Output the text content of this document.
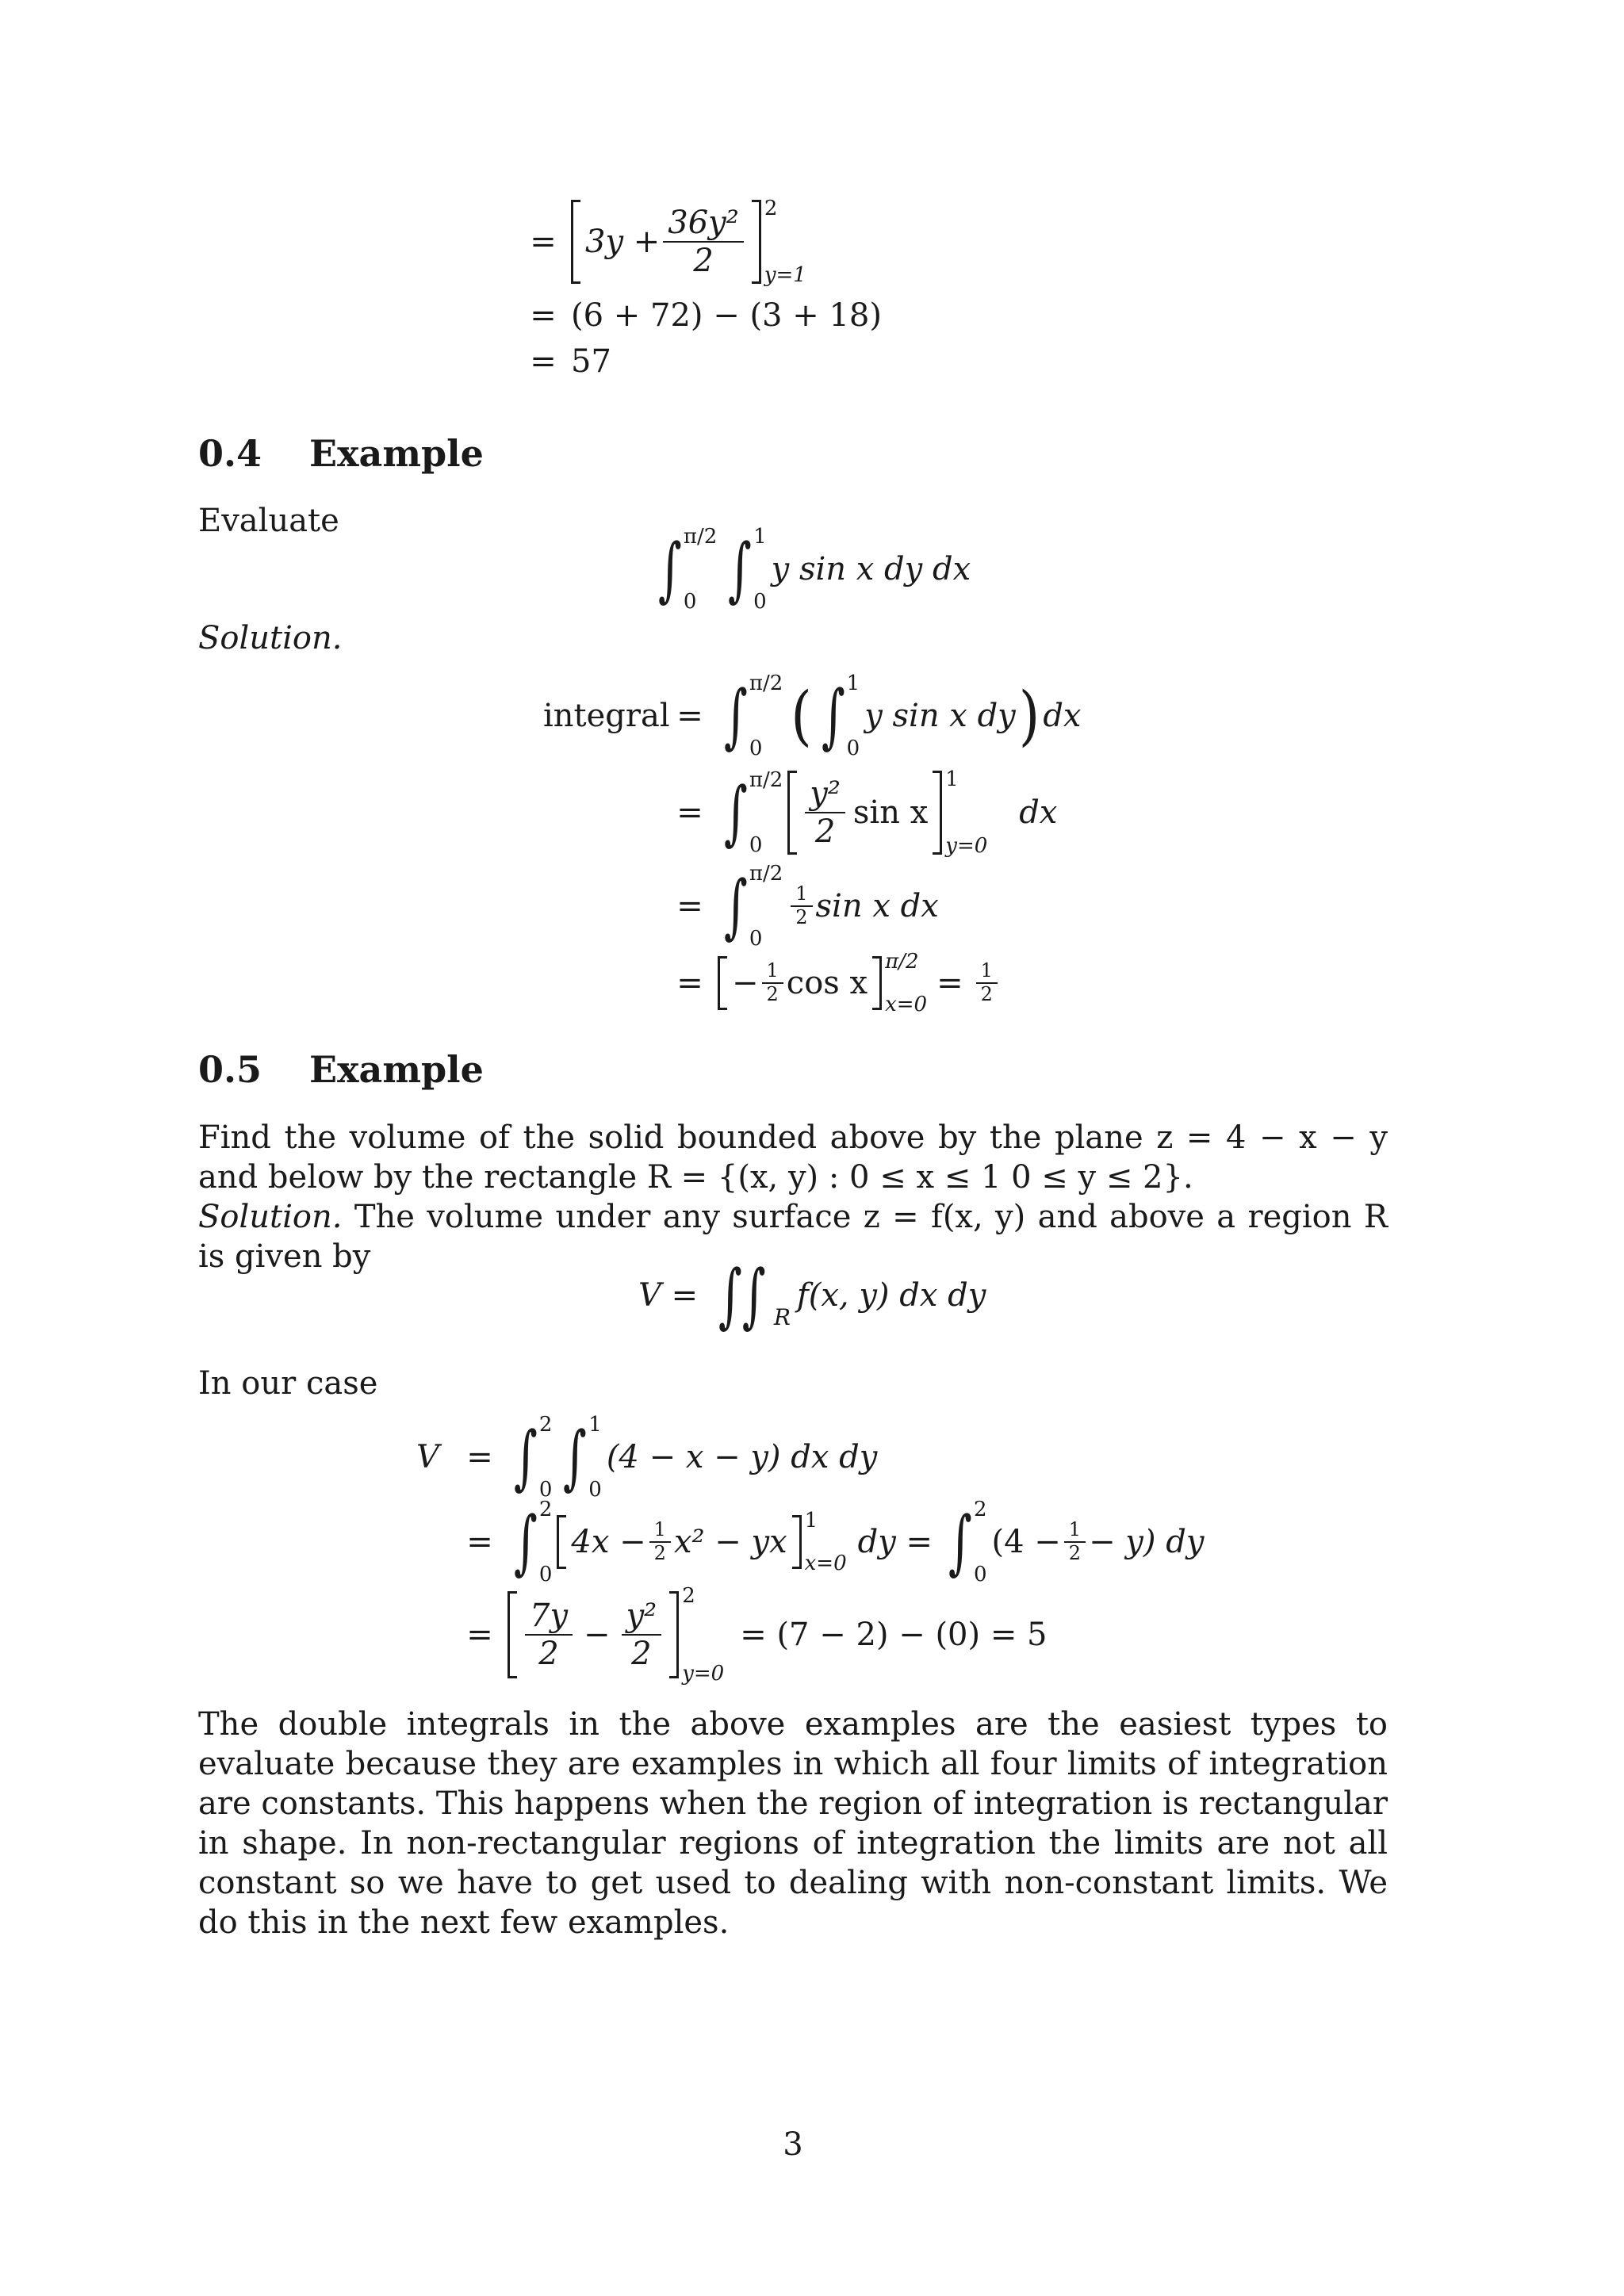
= $3y + \frac{\text{36y²}}{2} 2$
y=1
= (6 + 72) − (3 + 18)
= 57
0.4 Example
Evaluate
∫ π/2
0 ∫ 1
0
y sin x dy dx
Solution.
integral = ∫ π/2
0 ( ∫ 1
0
y sin x dy ) dx
= ∫ π/2
0	$\frac{\text{y²}}{2}$ sin x
1
y=0
dx
= ∫ π/2
0
$\frac{1}{2}$ sin x dx
= − $\frac{1}{2}$ cos x
π/2
x=0
= $\frac{1}{2}$
0.5 Example

Find the volume of the solid bounded above by the plane z = 4 − x − y and below by the rectangle R = {(x, y) : 0 ≤ x ≤ 1 0 ≤ y ≤ 2}.

Solution. The volume under any surface z = f(x, y) and above a region R is given by

V = ∫∫ R
f(x, y) dx dy
In our case
V = ∫ 2
0 ∫ 1
0
(4 − x − y) dx dy
= ∫ 2
0
$4x - \frac{1}{2} x^2$ − yx
1
x=0
dy = ∫ 2
0
$(4 - \frac{1}{2} - y)$ dy
=	$\frac{7y}{2} - \frac{\text{y²}}{2}$
2
y=0
= (7 − 2) − (0) = 5
The double integrals in the above examples are the easiest types to evaluate because they are examples in which all four limits of integration are constants. This happens when the region of integration is rectangular in shape. In non-rectangular regions of integration the limits are not all constant so we have to get used to dealing with non-constant limits. We do this in the next few examples.
3
